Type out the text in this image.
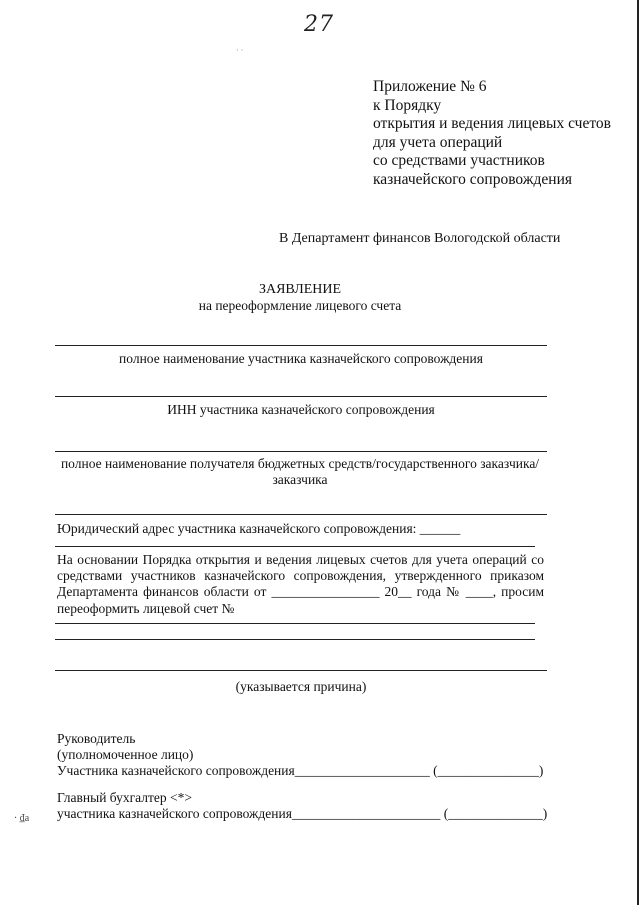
27
· ·
Приложение № 6
к Порядку
открытия и ведения лицевых счетов
для учета операций
со средствами участников
казначейского сопровождения
В Департамент финансов Вологодской области
ЗАЯВЛЕНИЕ
на переоформление лицевого счета
полное наименование участника казначейского сопровождения
ИНН участника казначейского сопровождения
полное наименование получателя бюджетных средств/государственного заказчика/
заказчика
Юридический адрес участника казначейского сопровождения: ______
На основании Порядка открытия и ведения лицевых счетов для учета операций со средствами участников казначейского сопровождения, утвержденного приказом Департамента финансов области от ________________ 20__ года № ____, просим переоформить лицевой счет №
(указывается причина)
Руководитель
(уполномоченное лицо)
Участника казначейского сопровождения____________________ (_______________)
Главный бухгалтер <*>
участника казначейского сопровождения______________________ (______________)
‧ ₫a
